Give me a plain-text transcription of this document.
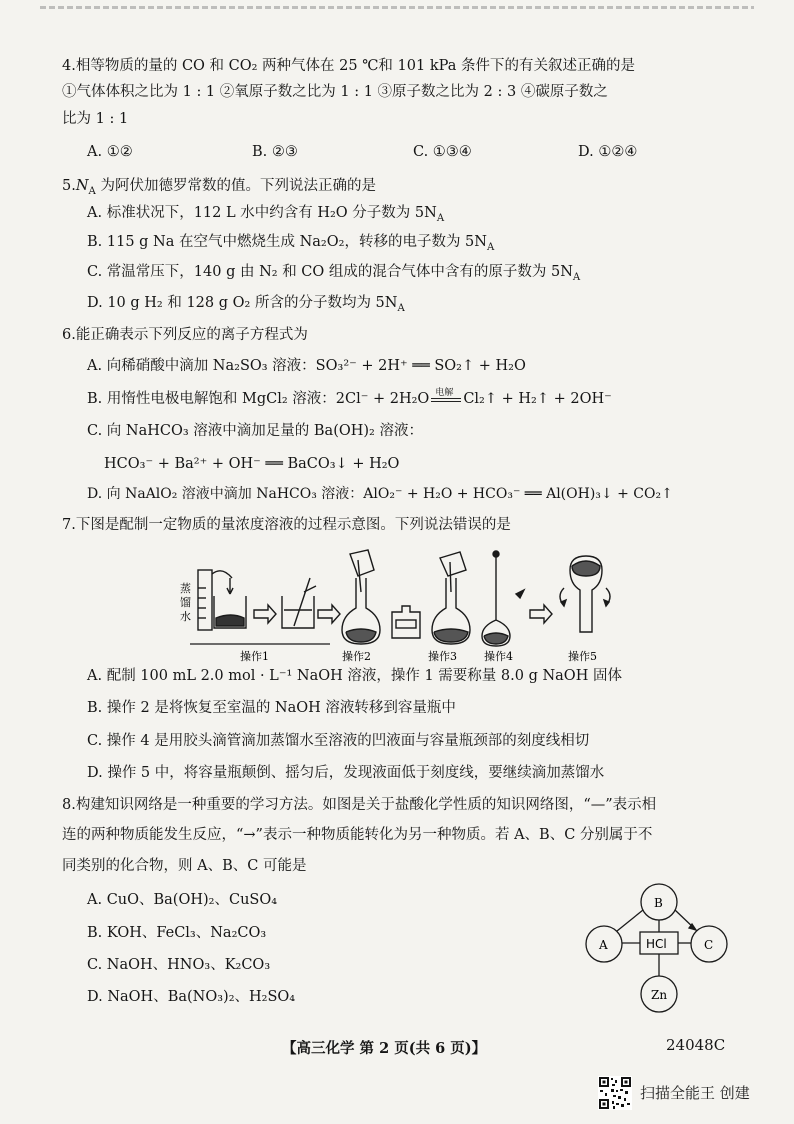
4.相等物质的量的 CO 和 CO₂ 两种气体在 25 ℃和 101 kPa 条件下的有关叙述正确的是
①气体体积之比为 1 : 1 ②氧原子数之比为 1 : 1 ③原子数之比为 2 : 3 ④碳原子数之
比为 1 : 1
A. ①②	B. ②③	C. ①③④	D. ①②④
$5.N_A$ 为阿伏加德罗常数的值。下列说法正确的是
A. 标准状况下，112 L 水中约含有 H₂O 分子数为 $5N_A$
B. 115 g Na 在空气中燃烧生成 Na₂O₂，转移的电子数为 $5N_A$
C. 常温常压下，140 g 由 N₂ 和 CO 组成的混合气体中含有的原子数为 $5N_A$
D. 10 g H₂ 和 128 g O₂ 所含的分子数均为 $5N_A$
6.能正确表示下列反应的离子方程式为
A. 向稀硝酸中滴加 Na₂SO₃ 溶液：SO₃²⁻ + 2H⁺ ══ SO₂↑ + H₂O
B. 用惰性电极电解饱和 MgCl₂ 溶液：2Cl⁻ + 2H₂O 电解 Cl₂↑ + H₂↑ + 2OH⁻
C. 向 NaHCO₃ 溶液中滴加足量的 Ba(OH)₂ 溶液：
HCO₃⁻ + Ba²⁺ + OH⁻ ══ BaCO₃↓ + H₂O
D. 向 NaAlO₂ 溶液中滴加 NaHCO₃ 溶液：AlO₂⁻ + H₂O + HCO₃⁻ ══ Al(OH)₃↓ + CO₂↑
7.下图是配制一定物质的量浓度溶液的过程示意图。下列说法错误的是
蒸
馏
水
操作1	操作2	操作3 操作4	操作5
A. 配制 100 mL 2.0 mol · L⁻¹ NaOH 溶液，操作 1 需要称量 8.0 g NaOH 固体
B. 操作 2 是将恢复至室温的 NaOH 溶液转移到容量瓶中
C. 操作 4 是用胶头滴管滴加蒸馏水至溶液的凹液面与容量瓶颈部的刻度线相切
D. 操作 5 中，将容量瓶颠倒、摇匀后，发现液面低于刻度线，要继续滴加蒸馏水
8.构建知识网络是一种重要的学习方法。如图是关于盐酸化学性质的知识网络图，“—”表示相
连的两种物质能发生反应，“→”表示一种物质能转化为另一种物质。若 A、B、C 分别属于不
同类别的化合物，则 A、B、C 可能是
A. CuO、Ba(OH)₂、CuSO₄
B. KOH、FeCl₃、Na₂CO₃
C. NaOH、HNO₃、K₂CO₃
D. NaOH、Ba(NO₃)₂、H₂SO₄
B
A	C
HCl
Zn
【高三化学 第 2 页(共 6 页)】	24048C
扫描全能王 创建
